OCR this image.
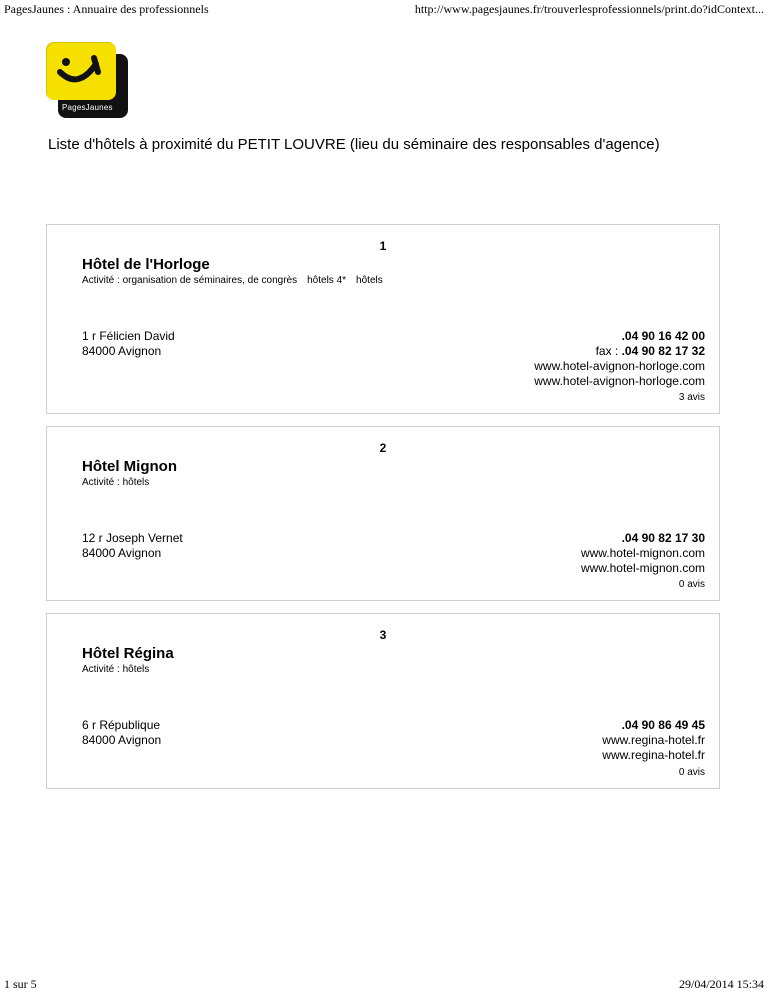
PagesJaunes : Annuaire des professionnels	http://www.pagesjaunes.fr/trouverlesprofessionnels/print.do?idContext...
PagesJaunes
Liste d'hôtels à proximité du PETIT LOUVRE (lieu du séminaire des responsables d'agence)
1
Hôtel de l'Horloge
Activité : organisation de séminaires, de congrès hôtels 4* hôtels
1 r Félicien David
84000 Avignon
.04 90 16 42 00
fax : .04 90 82 17 32
www.hotel-avignon-horloge.com
www.hotel-avignon-horloge.com
3 avis
2
Hôtel Mignon
Activité : hôtels
12 r Joseph Vernet
84000 Avignon
.04 90 82 17 30
www.hotel-mignon.com
www.hotel-mignon.com
0 avis
3
Hôtel Régina
Activité : hôtels
6 r République
84000 Avignon
.04 90 86 49 45
www.regina-hotel.fr
www.regina-hotel.fr
0 avis
1 sur 5	29/04/2014 15:34
